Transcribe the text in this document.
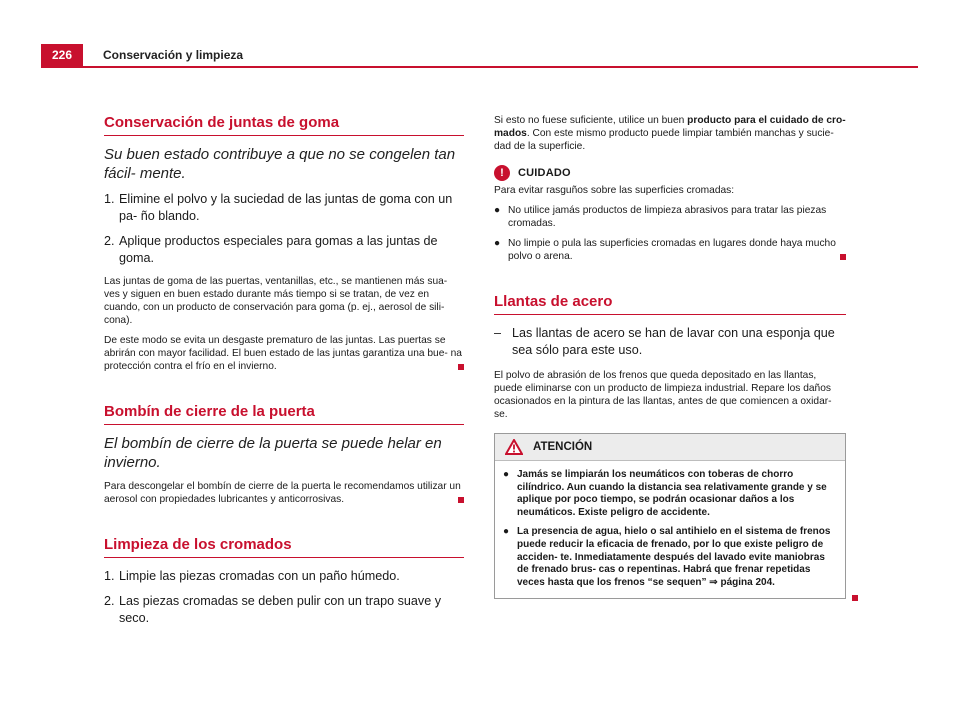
226	Conservación y limpieza
Conservación de juntas de goma
Su buen estado contribuye a que no se congelen tan fácil- mente.
1. Elimine el polvo y la suciedad de las juntas de goma con un pa- ño blando.
2. Aplique productos especiales para gomas a las juntas de goma.

Las juntas de goma de las puertas, ventanillas, etc., se mantienen más sua- ves y siguen en buen estado durante más tiempo si se tratan, de vez en cuando, con un producto de conservación para goma (p. ej., aerosol de sili- cona).

De este modo se evita un desgaste prematuro de las juntas. Las puertas se abrirán con mayor facilidad. El buen estado de las juntas garantiza una bue- na protección contra el frío en el invierno.

Bombín de cierre de la puerta
El bombín de cierre de la puerta se puede helar en invierno.

Para descongelar el bombín de cierre de la puerta le recomendamos utilizar un aerosol con propiedades lubricantes y anticorrosivas.

Limpieza de los cromados
1. Limpie las piezas cromadas con un paño húmedo.
2. Las piezas cromadas se deben pulir con un trapo suave y seco.

Si esto no fuese suficiente, utilice un buen producto para el cuidado de cro- mados. Con este mismo producto puede limpiar también manchas y sucie- dad de la superficie.

!	CUIDADO

Para evitar rasguños sobre las superficies cromadas:

● No utilice jamás productos de limpieza abrasivos para tratar las piezas cromadas.
● No limpie o pula las superficies cromadas en lugares donde haya mucho polvo o arena.
Llantas de acero
– Las llantas de acero se han de lavar con una esponja que sea sólo para este uso.

El polvo de abrasión de los frenos que queda depositado en las llantas, puede eliminarse con un producto de limpieza industrial. Repare los daños ocasionados en la pintura de las llantas, antes de que comiencen a oxidar- se.

ATENCIÓN
● Jamás se limpiarán los neumáticos con toberas de chorro cilíndrico. Aun cuando la distancia sea relativamente grande y se aplique por poco tiempo, se podrán ocasionar daños a los neumáticos. Existe peligro de accidente.
● La presencia de agua, hielo o sal antihielo en el sistema de frenos puede reducir la eficacia de frenado, por lo que existe peligro de acciden- te. Inmediatamente después del lavado evite maniobras de frenado brus- cas o repentinas. Habrá que frenar repetidas veces hasta que los frenos “se sequen” ⇒ página 204.
